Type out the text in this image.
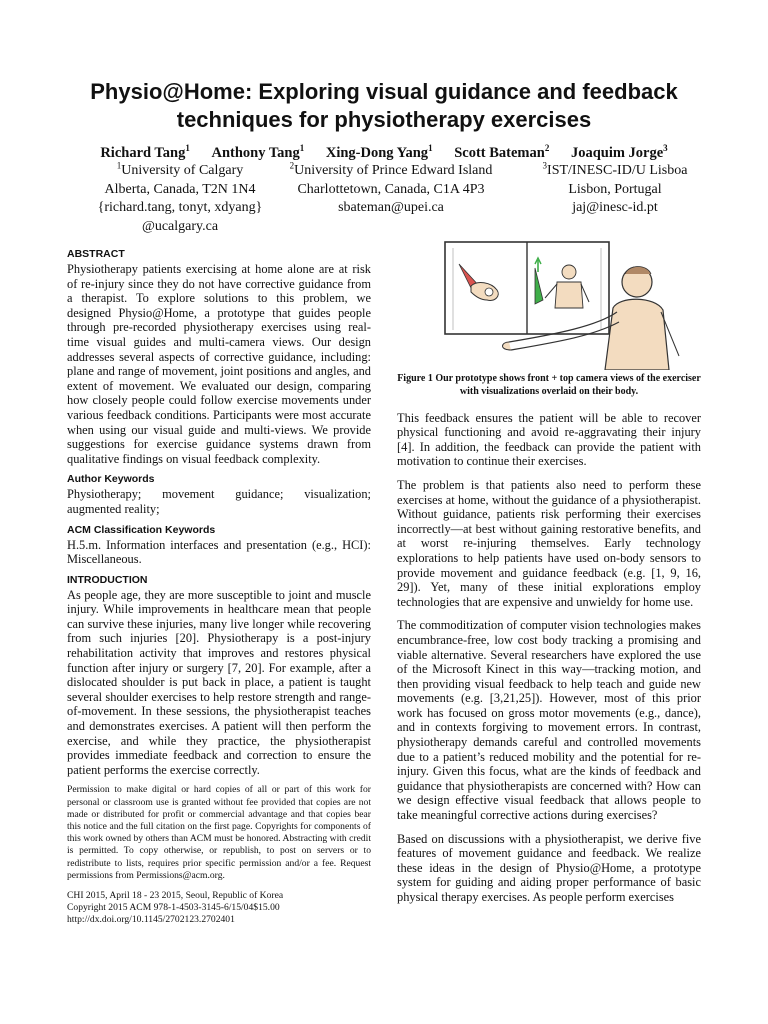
Physio@Home: Exploring visual guidance and feedback
techniques for physiotherapy exercises
Richard Tang$^1$ Anthony Tang$^1$ Xing-Dong Yang$^1$ Scott Bateman$^2$ Joaquim Jorge$^3$
$^1$University of Calgary
Alberta, Canada, T2N 1N4
{richard.tang, tonyt, xdyang}
@ucalgary.ca
$^2$University of Prince Edward Island
Charlottetown, Canada, C1A 4P3
sbateman@upei.ca
$^3$IST/INESC-ID/U Lisboa
Lisbon, Portugal
jaj@inesc-id.pt
ABSTRACT

Physiotherapy patients exercising at home alone are at risk of re-injury since they do not have corrective guidance from a therapist. To explore solutions to this problem, we designed Physio@Home, a prototype that guides people through pre-recorded physiotherapy exercises using real-time visual guides and multi-camera views. Our design addresses several aspects of corrective guidance, including: plane and range of movement, joint positions and angles, and extent of movement. We evaluated our design, comparing how closely people could follow exercise movements under various feedback conditions. Participants were most accurate when using our visual guide and multi-views. We provide suggestions for exercise guidance systems drawn from qualitative findings on visual feedback complexity.

Author Keywords

Physiotherapy; movement guidance; visualization; augmented reality;

ACM Classification Keywords

H.5.m. Information interfaces and presentation (e.g., HCI): Miscellaneous.

INTRODUCTION

As people age, they are more susceptible to joint and muscle injury. While improvements in healthcare mean that people can survive these injuries, many live longer while recovering from such injuries [20]. Physiotherapy is a post-injury rehabilitation activity that improves and restores physical function after injury or surgery [7, 20]. For example, after a dislocated shoulder is put back in place, a patient is taught several shoulder exercises to help restore strength and range-of-movement. In these sessions, the physiotherapist teaches and demonstrates exercises. A patient will then perform the exercise, and while they practice, the physiotherapist provides immediate feedback and correction to ensure the patient performs the exercise correctly.

Permission to make digital or hard copies of all or part of this work for personal or classroom use is granted without fee provided that copies are not made or distributed for profit or commercial advantage and that copies bear this notice and the full citation on the first page. Copyrights for components of this work owned by others than ACM must be honored. Abstracting with credit is permitted. To copy otherwise, or republish, to post on servers or to redistribute to lists, requires prior specific permission and/or a fee. Request permissions from Permissions@acm.org.

CHI 2015, April 18 - 23 2015, Seoul, Republic of Korea
Copyright 2015 ACM 978-1-4503-3145-6/15/04$15.00
http://dx.doi.org/10.1145/2702123.2702401

Figure 1 Our prototype shows front + top camera views of the exerciser with visualizations overlaid on their body.

This feedback ensures the patient will be able to recover physical functioning and avoid re-aggravating their injury [4]. In addition, the feedback can provide the patient with motivation to continue their exercises.

The problem is that patients also need to perform these exercises at home, without the guidance of a physiotherapist. Without guidance, patients risk performing their exercises incorrectly—at best without gaining restorative benefits, and at worst re-injuring themselves. Early technology explorations to help patients have used on-body sensors to provide movement and guidance feedback (e.g. [1, 9, 16, 29]). Yet, many of these initial explorations employ technologies that are expensive and unwieldy for home use.

The commoditization of computer vision technologies makes encumbrance-free, low cost body tracking a promising and viable alternative. Several researchers have explored the use of the Microsoft Kinect in this way—tracking motion, and then providing visual feedback to help teach and guide new movements (e.g. [3,21,25]). However, most of this prior work has focused on gross motor movements (e.g., dance), and in contexts forgiving to movement errors. In contrast, physiotherapy demands careful and controlled movements due to a patient’s reduced mobility and the potential for re-injury. Given this focus, what are the kinds of feedback and guidance that physiotherapists are concerned with? How can we design effective visual feedback that allows people to take meaningful corrective actions during exercises?

Based on discussions with a physiotherapist, we derive five features of movement guidance and feedback. We realize these ideas in the design of Physio@Home, a prototype system for guiding and aiding proper performance of basic physical therapy exercises. As people perform exercises
